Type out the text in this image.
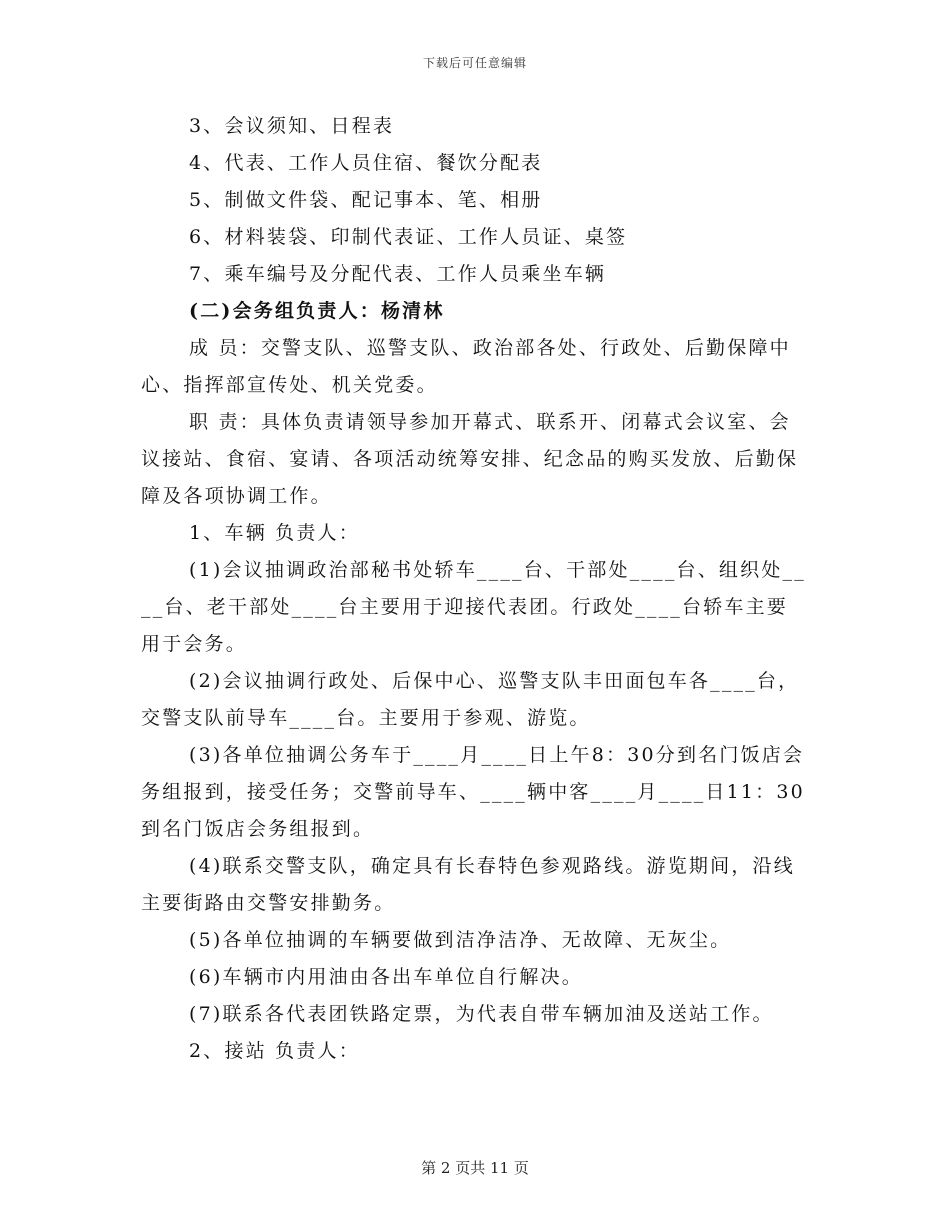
下载后可任意编辑

3、会议须知、日程表

4、代表、工作人员住宿、餐饮分配表

5、制做文件袋、配记事本、笔、相册

6、材料装袋、印制代表证、工作人员证、桌签

7、乘车编号及分配代表、工作人员乘坐车辆

(二)会务组负责人：杨清林

成 员：交警支队、巡警支队、政治部各处、行政处、后勤保障中心、指挥部宣传处、机关党委。

职 责：具体负责请领导参加开幕式、联系开、闭幕式会议室、会议接站、食宿、宴请、各项活动统筹安排、纪念品的购买发放、后勤保障及各项协调工作。

1、车辆 负责人：

(1)会议抽调政治部秘书处轿车____台、干部处____台、组织处____台、老干部处____台主要用于迎接代表团。行政处____台轿车主要用于会务。

(2)会议抽调行政处、后保中心、巡警支队丰田面包车各____台，交警支队前导车____台。主要用于参观、游览。

(3)各单位抽调公务车于____月____日上午8：30分到名门饭店会务组报到，接受任务；交警前导车、____辆中客____月____日11：30到名门饭店会务组报到。

(4)联系交警支队，确定具有长春特色参观路线。游览期间，沿线主要街路由交警安排勤务。

(5)各单位抽调的车辆要做到洁净洁净、无故障、无灰尘。

(6)车辆市内用油由各出车单位自行解决。

(7)联系各代表团铁路定票，为代表自带车辆加油及送站工作。

2、接站 负责人：

第 2 页共 11 页
